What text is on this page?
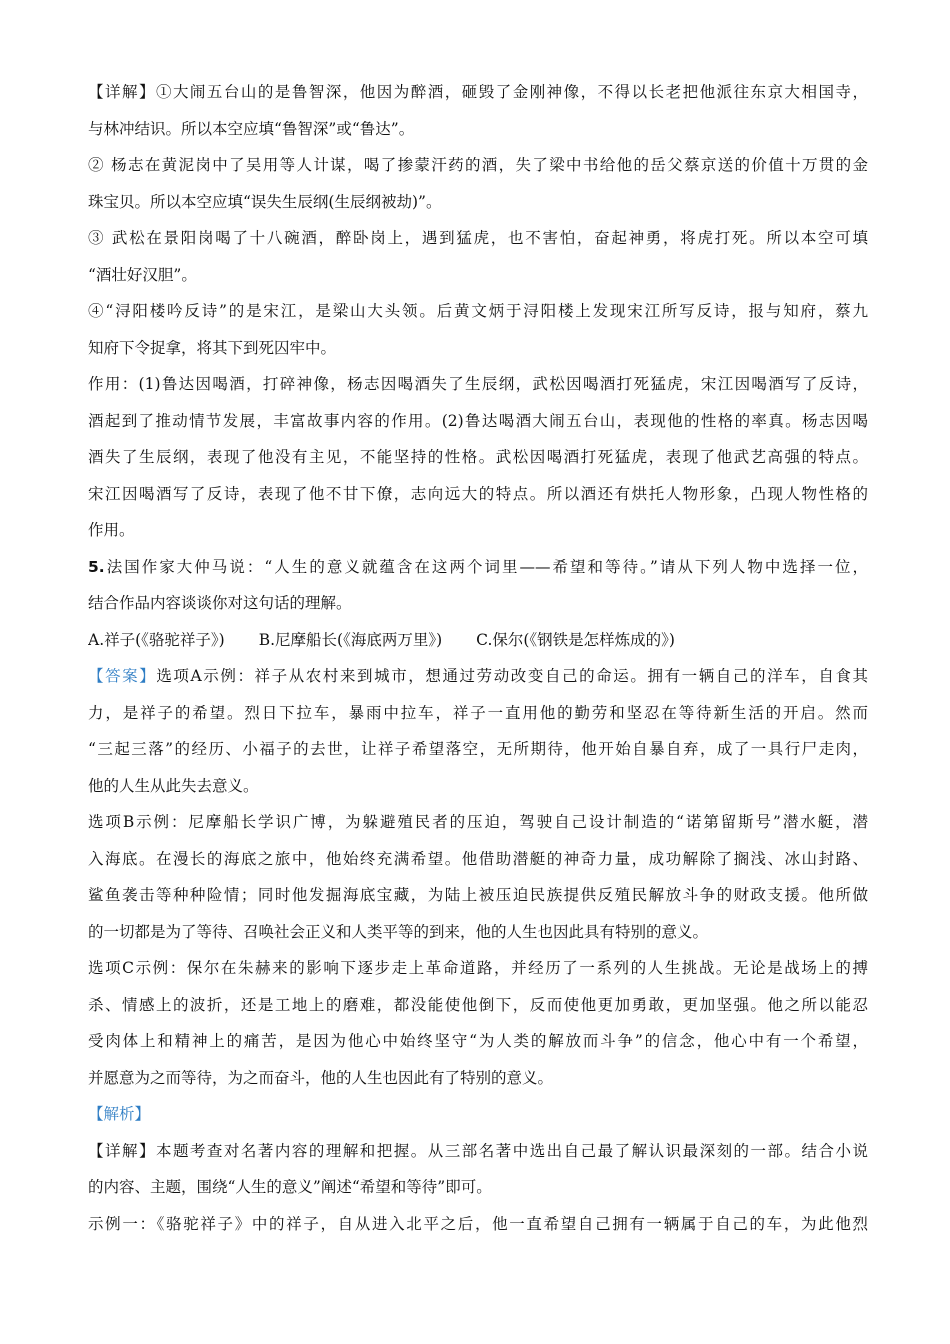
【详解】①大闹五台山的是鲁智深，他因为醉酒，砸毁了金刚神像，不得以长老把他派往东京大相国寺，
与林冲结识。所以本空应填“鲁智深”或“鲁达”。
② 杨志在黄泥岗中了吴用等人计谋，喝了掺蒙汗药的酒，失了梁中书给他的岳父蔡京送的价值十万贯的金
珠宝贝。所以本空应填“误失生辰纲(生辰纲被劫)”。
③ 武松在景阳岗喝了十八碗酒，醉卧岗上，遇到猛虎，也不害怕，奋起神勇，将虎打死。所以本空可填
“酒壮好汉胆”。
④“浔阳楼吟反诗”的是宋江，是梁山大头领。后黄文炳于浔阳楼上发现宋江所写反诗，报与知府，蔡九
知府下令捉拿，将其下到死囚牢中。
作用：(1)鲁达因喝酒，打碎神像，杨志因喝酒失了生辰纲，武松因喝酒打死猛虎，宋江因喝酒写了反诗，
酒起到了推动情节发展，丰富故事内容的作用。(2)鲁达喝酒大闹五台山，表现他的性格的率真。杨志因喝
酒失了生辰纲，表现了他没有主见，不能坚持的性格。武松因喝酒打死猛虎，表现了他武艺高强的特点。
宋江因喝酒写了反诗，表现了他不甘下僚，志向远大的特点。所以酒还有烘托人物形象，凸现人物性格的
作用。
5.法国作家大仲马说：“人生的意义就蕴含在这两个词里——希望和等待。”请从下列人物中选择一位，
结合作品内容谈谈你对这句话的理解。
A.祥子(《骆驼祥子》) B.尼摩船长(《海底两万里》) C.保尔(《钢铁是怎样炼成的》)
【答案】选项A示例：祥子从农村来到城市，想通过劳动改变自己的命运。拥有一辆自己的洋车，自食其
力，是祥子的希望。烈日下拉车，暴雨中拉车，祥子一直用他的勤劳和坚忍在等待新生活的开启。然而
“三起三落”的经历、小福子的去世，让祥子希望落空，无所期待，他开始自暴自弃，成了一具行尸走肉，
他的人生从此失去意义。
选项B示例：尼摩船长学识广博，为躲避殖民者的压迫，驾驶自己设计制造的“诺第留斯号”潜水艇，潜
入海底。在漫长的海底之旅中，他始终充满希望。他借助潜艇的神奇力量，成功解除了搁浅、冰山封路、
鲨鱼袭击等种种险情；同时他发掘海底宝藏，为陆上被压迫民族提供反殖民解放斗争的财政支援。他所做
的一切都是为了等待、召唤社会正义和人类平等的到来，他的人生也因此具有特别的意义。
选项C示例：保尔在朱赫来的影响下逐步走上革命道路，并经历了一系列的人生挑战。无论是战场上的搏
杀、情感上的波折，还是工地上的磨难，都没能使他倒下，反而使他更加勇敢，更加坚强。他之所以能忍
受肉体上和精神上的痛苦，是因为他心中始终坚守“为人类的解放而斗争”的信念，他心中有一个希望，
并愿意为之而等待，为之而奋斗，他的人生也因此有了特别的意义。
【解析】
【详解】本题考查对名著内容的理解和把握。从三部名著中选出自己最了解认识最深刻的一部。结合小说
的内容、主题，围绕“人生的意义”阐述“希望和等待”即可。
示例一：《骆驼祥子》中的祥子，自从进入北平之后，他一直希望自己拥有一辆属于自己的车，为此他烈
